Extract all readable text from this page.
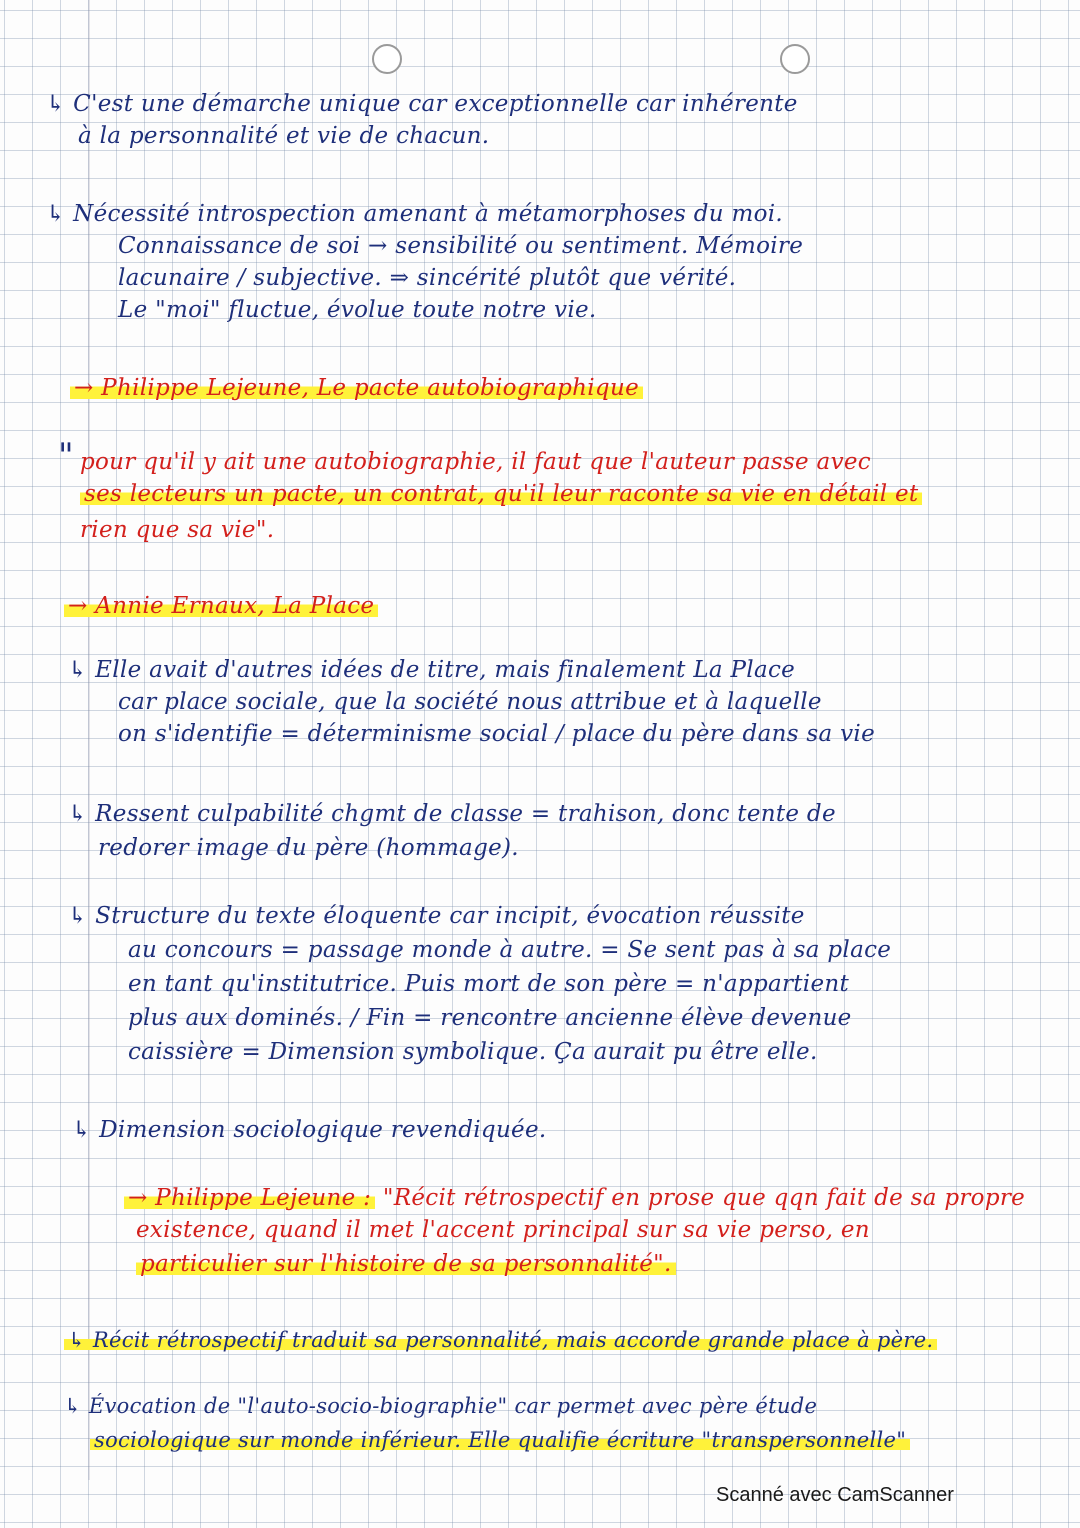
↳ C'est une démarche unique car exceptionnelle car inhérente
à la personnalité et vie de chacun.
↳ Nécessité introspection amenant à métamorphoses du moi.
Connaissance de soi → sensibilité ou sentiment. Mémoire
lacunaire / subjective. ⇒ sincérité plutôt que vérité.
Le "moi" fluctue, évolue toute notre vie.
→ Philippe Lejeune, Le pacte autobiographique
" pour qu'il y ait une autobiographie, il faut que l'auteur passe avec
ses lecteurs un pacte, un contrat, qu'il leur raconte sa vie en détail et
rien que sa vie".
→ Annie Ernaux, La Place
↳ Elle avait d'autres idées de titre, mais finalement La Place
car place sociale, que la société nous attribue et à laquelle
on s'identifie = déterminisme social / place du père dans sa vie
↳ Ressent culpabilité chgmt de classe = trahison, donc tente de
redorer image du père (hommage).
↳ Structure du texte éloquente car incipit, évocation réussite
au concours = passage monde à autre. = Se sent pas à sa place
en tant qu'institutrice. Puis mort de son père = n'appartient
plus aux dominés. / Fin = rencontre ancienne élève devenue
caissière = Dimension symbolique. Ça aurait pu être elle.
↳ Dimension sociologique revendiquée.
→ Philippe Lejeune : "Récit rétrospectif en prose que qqn fait de sa propre
existence, quand il met l'accent principal sur sa vie perso, en
particulier sur l'histoire de sa personnalité".
↳ Récit rétrospectif traduit sa personnalité, mais accorde grande place à père.
↳ Évocation de "l'auto-socio-biographie" car permet avec père étude
sociologique sur monde inférieur. Elle qualifie écriture "transpersonnelle"
Scanné avec CamScanner
